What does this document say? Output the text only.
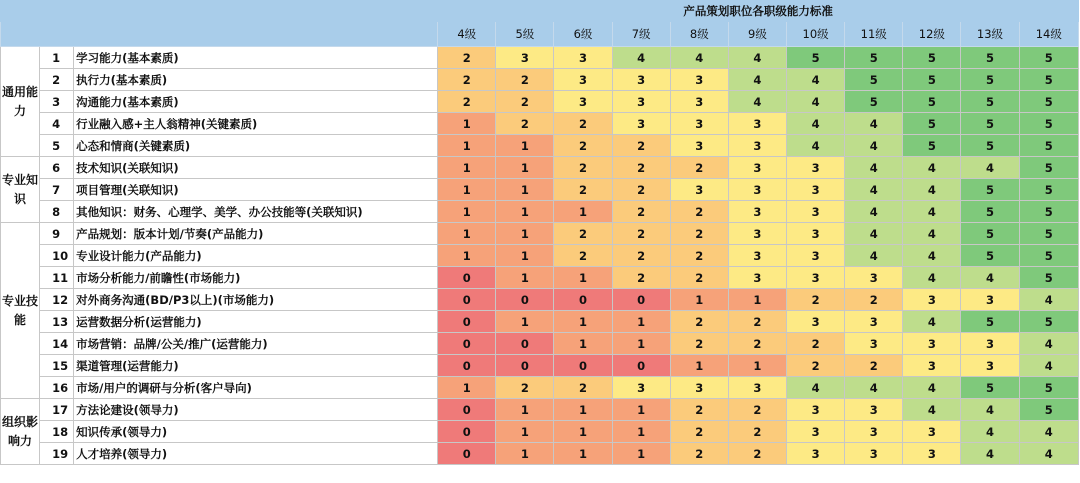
			产品策划职位各职级能力标准										
			4级	5级	6级	7级	8级	9级	10级	11级	12级	13级	14级
通用能力	1	学习能力(基本素质)	2	3	3	4	4	4	5	5	5	5	5
	2	执行力(基本素质)	2	2	3	3	3	4	4	5	5	5	5
	3	沟通能力(基本素质)	2	2	3	3	3	4	4	5	5	5	5
	4	行业融入感+主人翁精神(关键素质)	1	2	2	3	3	3	4	4	5	5	5
	5	心态和情商(关键素质)	1	1	2	2	3	3	4	4	5	5	5
专业知识	6	技术知识(关联知识)	1	1	2	2	2	3	3	4	4	4	5
	7	项目管理(关联知识)	1	1	2	2	3	3	3	4	4	5	5
	8	其他知识：财务、心理学、美学、办公技能等(关联知识)	1	1	1	2	2	3	3	4	4	5	5
专业技能	9	产品规划：版本计划/节奏(产品能力)	1	1	2	2	2	3	3	4	4	5	5
	10	专业设计能力(产品能力)	1	1	2	2	2	3	3	4	4	5	5
	11	市场分析能力/前瞻性(市场能力)	0	1	1	2	2	3	3	3	4	4	5
	12	对外商务沟通(BD/P3以上)(市场能力)	0	0	0	0	1	1	2	2	3	3	4
	13	运营数据分析(运营能力)	0	1	1	1	2	2	3	3	4	5	5
	14	市场营销：品牌/公关/推广(运营能力)	0	0	1	1	2	2	2	3	3	3	4
	15	渠道管理(运营能力)	0	0	0	0	1	1	2	2	3	3	4
	16	市场/用户的调研与分析(客户导向)	1	2	2	3	3	3	4	4	4	5	5
组织影响力	17	方法论建设(领导力)	0	1	1	1	2	2	3	3	4	4	5
	18	知识传承(领导力)	0	1	1	1	2	2	3	3	3	4	4
	19	人才培养(领导力)	0	1	1	1	2	2	3	3	3	4	4
